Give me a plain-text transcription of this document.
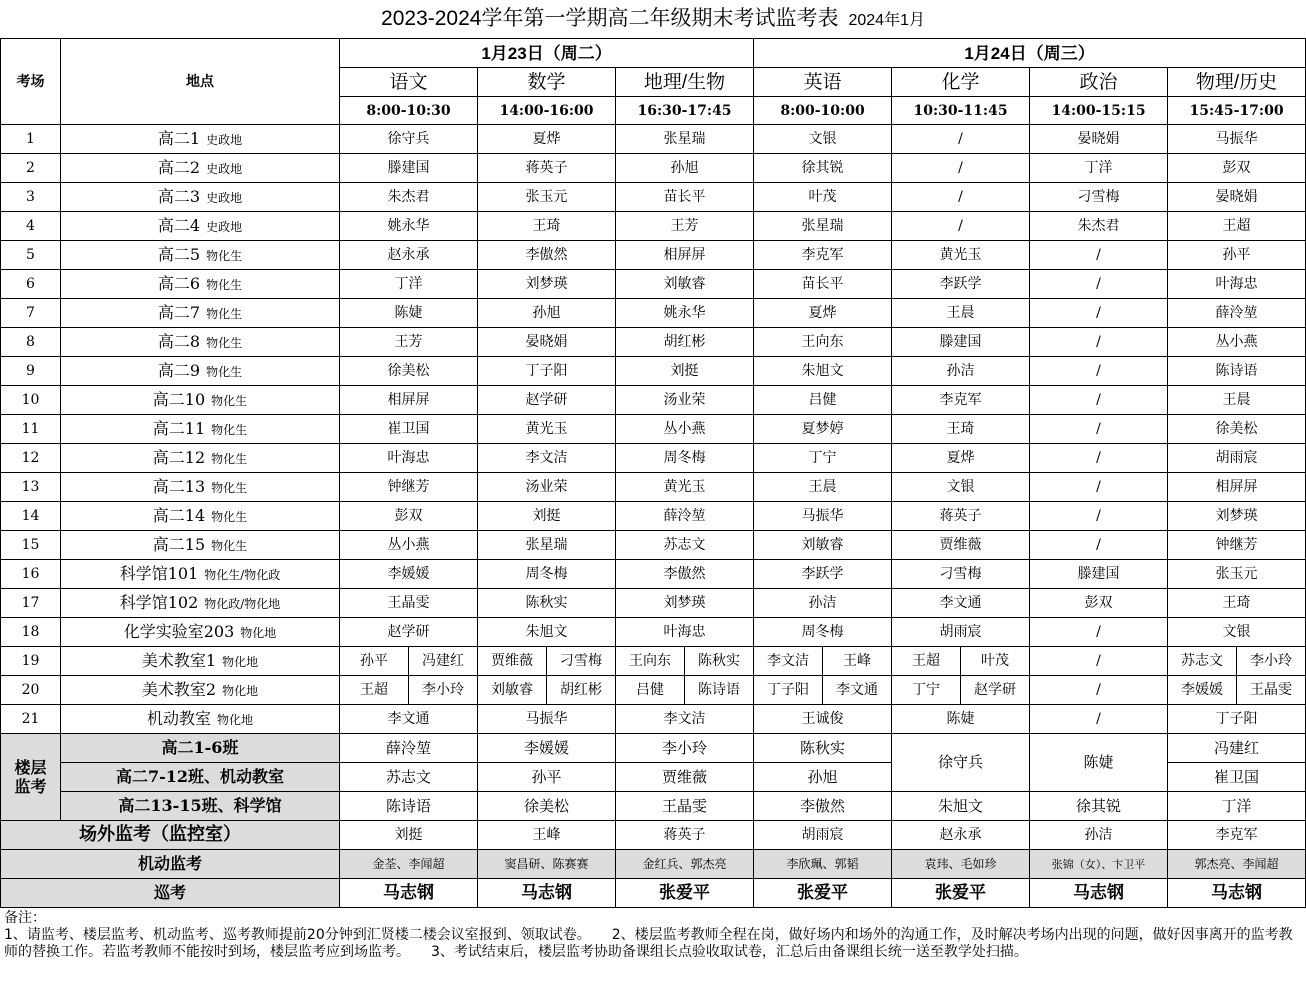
2023-2024学年第一学期高二年级期末考试监考表 2024年1月
考场	地点	1月23日（周二）						1月24日（周三）						
		语文		数学		地理/生物		英语		化学		政治	物理/历史	
		8:00-10:30		14:00-16:00		16:30-17:45		8:00-10:00		10:30-11:45		14:00-15:15	15:45-17:00	
1	高二1 史政地	徐守兵		夏烨		张星瑞		文银		/		晏晓娟	马振华	
2	高二2 史政地	滕建国		蒋英子		孙旭		徐其锐		/		丁洋	彭双	
3	高二3 史政地	朱杰君		张玉元		苗长平		叶茂		/		刁雪梅	晏晓娟	
4	高二4 史政地	姚永华		王琦		王芳		张星瑞		/		朱杰君	王超	
5	高二5 物化生	赵永承		李傲然		相屏屏		李克军		黄光玉		/	孙平	
6	高二6 物化生	丁洋		刘梦瑛		刘敏睿		苗长平		李跃学		/	叶海忠	
7	高二7 物化生	陈婕		孙旭		姚永华		夏烨		王晨		/	薛泠堃	
8	高二8 物化生	王芳		晏晓娟		胡红彬		王向东		滕建国		/	丛小燕	
9	高二9 物化生	徐美松		丁子阳		刘挺		朱旭文		孙洁		/	陈诗语	
10	高二10 物化生	相屏屏		赵学研		汤业荣		吕健		李克军		/	王晨	
11	高二11 物化生	崔卫国		黄光玉		丛小燕		夏梦婷		王琦		/	徐美松	
12	高二12 物化生	叶海忠		李文洁		周冬梅		丁宁		夏烨		/	胡雨宸	
13	高二13 物化生	钟继芳		汤业荣		黄光玉		王晨		文银		/	相屏屏	
14	高二14 物化生	彭双		刘挺		薛泠堃		马振华		蒋英子		/	刘梦瑛	
15	高二15 物化生	丛小燕		张星瑞		苏志文		刘敏睿		贾维薇		/	钟继芳	
16	科学馆101 物化生/物化政	李媛媛		周冬梅		李傲然		李跃学		刁雪梅		滕建国	张玉元	
17	科学馆102 物化政/物化地	王晶雯		陈秋实		刘梦瑛		孙洁		李文通		彭双	王琦	
18	化学实验室203 物化地	赵学研		朱旭文		叶海忠		周冬梅		胡雨宸		/	文银	
19	美术教室1 物化地	孙平	冯建红	贾维薇	刁雪梅	王向东	陈秋实	李文洁	王峰	王超	叶茂	/	苏志文	李小玲
20	美术教室2 物化地	王超	李小玲	刘敏睿	胡红彬	吕健	陈诗语	丁子阳	李文通	丁宁	赵学研	/	李媛媛	王晶雯
21	机动教室 物化地	李文通		马振华		李文洁		王诚俊		陈婕		/	丁子阳	
楼层监考	高二1-6班	薛泠堃		李媛媛		李小玲		陈秋实		徐守兵		陈婕	冯建红	
	高二7-12班、机动教室	苏志文		孙平		贾维薇		孙旭					崔卫国	
	高二13-15班、科学馆	陈诗语		徐美松		王晶雯		李傲然		朱旭文		徐其锐	丁洋	
场外监考（监控室）		刘挺		王峰		蒋英子		胡雨宸		赵永承		孙洁	李克军	
机动监考		金荃、李闻超		窦昌研、陈赛赛		金红兵、郭杰亮		李欣珮、郭韬		袁玮、毛如珍		张锦（女）、卞卫平	郭杰亮、李闻超	
巡考		马志钢		马志钢		张爱平		张爱平		张爱平		马志钢	马志钢	

备注：

1、请监考、楼层监考、机动监考、巡考教师提前20分钟到汇贤楼二楼会议室报到、领取试卷。　　2、楼层监考教师全程在岗，做好场内和场外的沟通工作，及时解决考场内出现的问题，做好因事离开的监考教师的替换工作。若监考教师不能按时到场，楼层监考应到场监考。　　3、考试结束后，楼层监考协助备课组长点验收取试卷，汇总后由备课组长统一送至教学处扫描。
